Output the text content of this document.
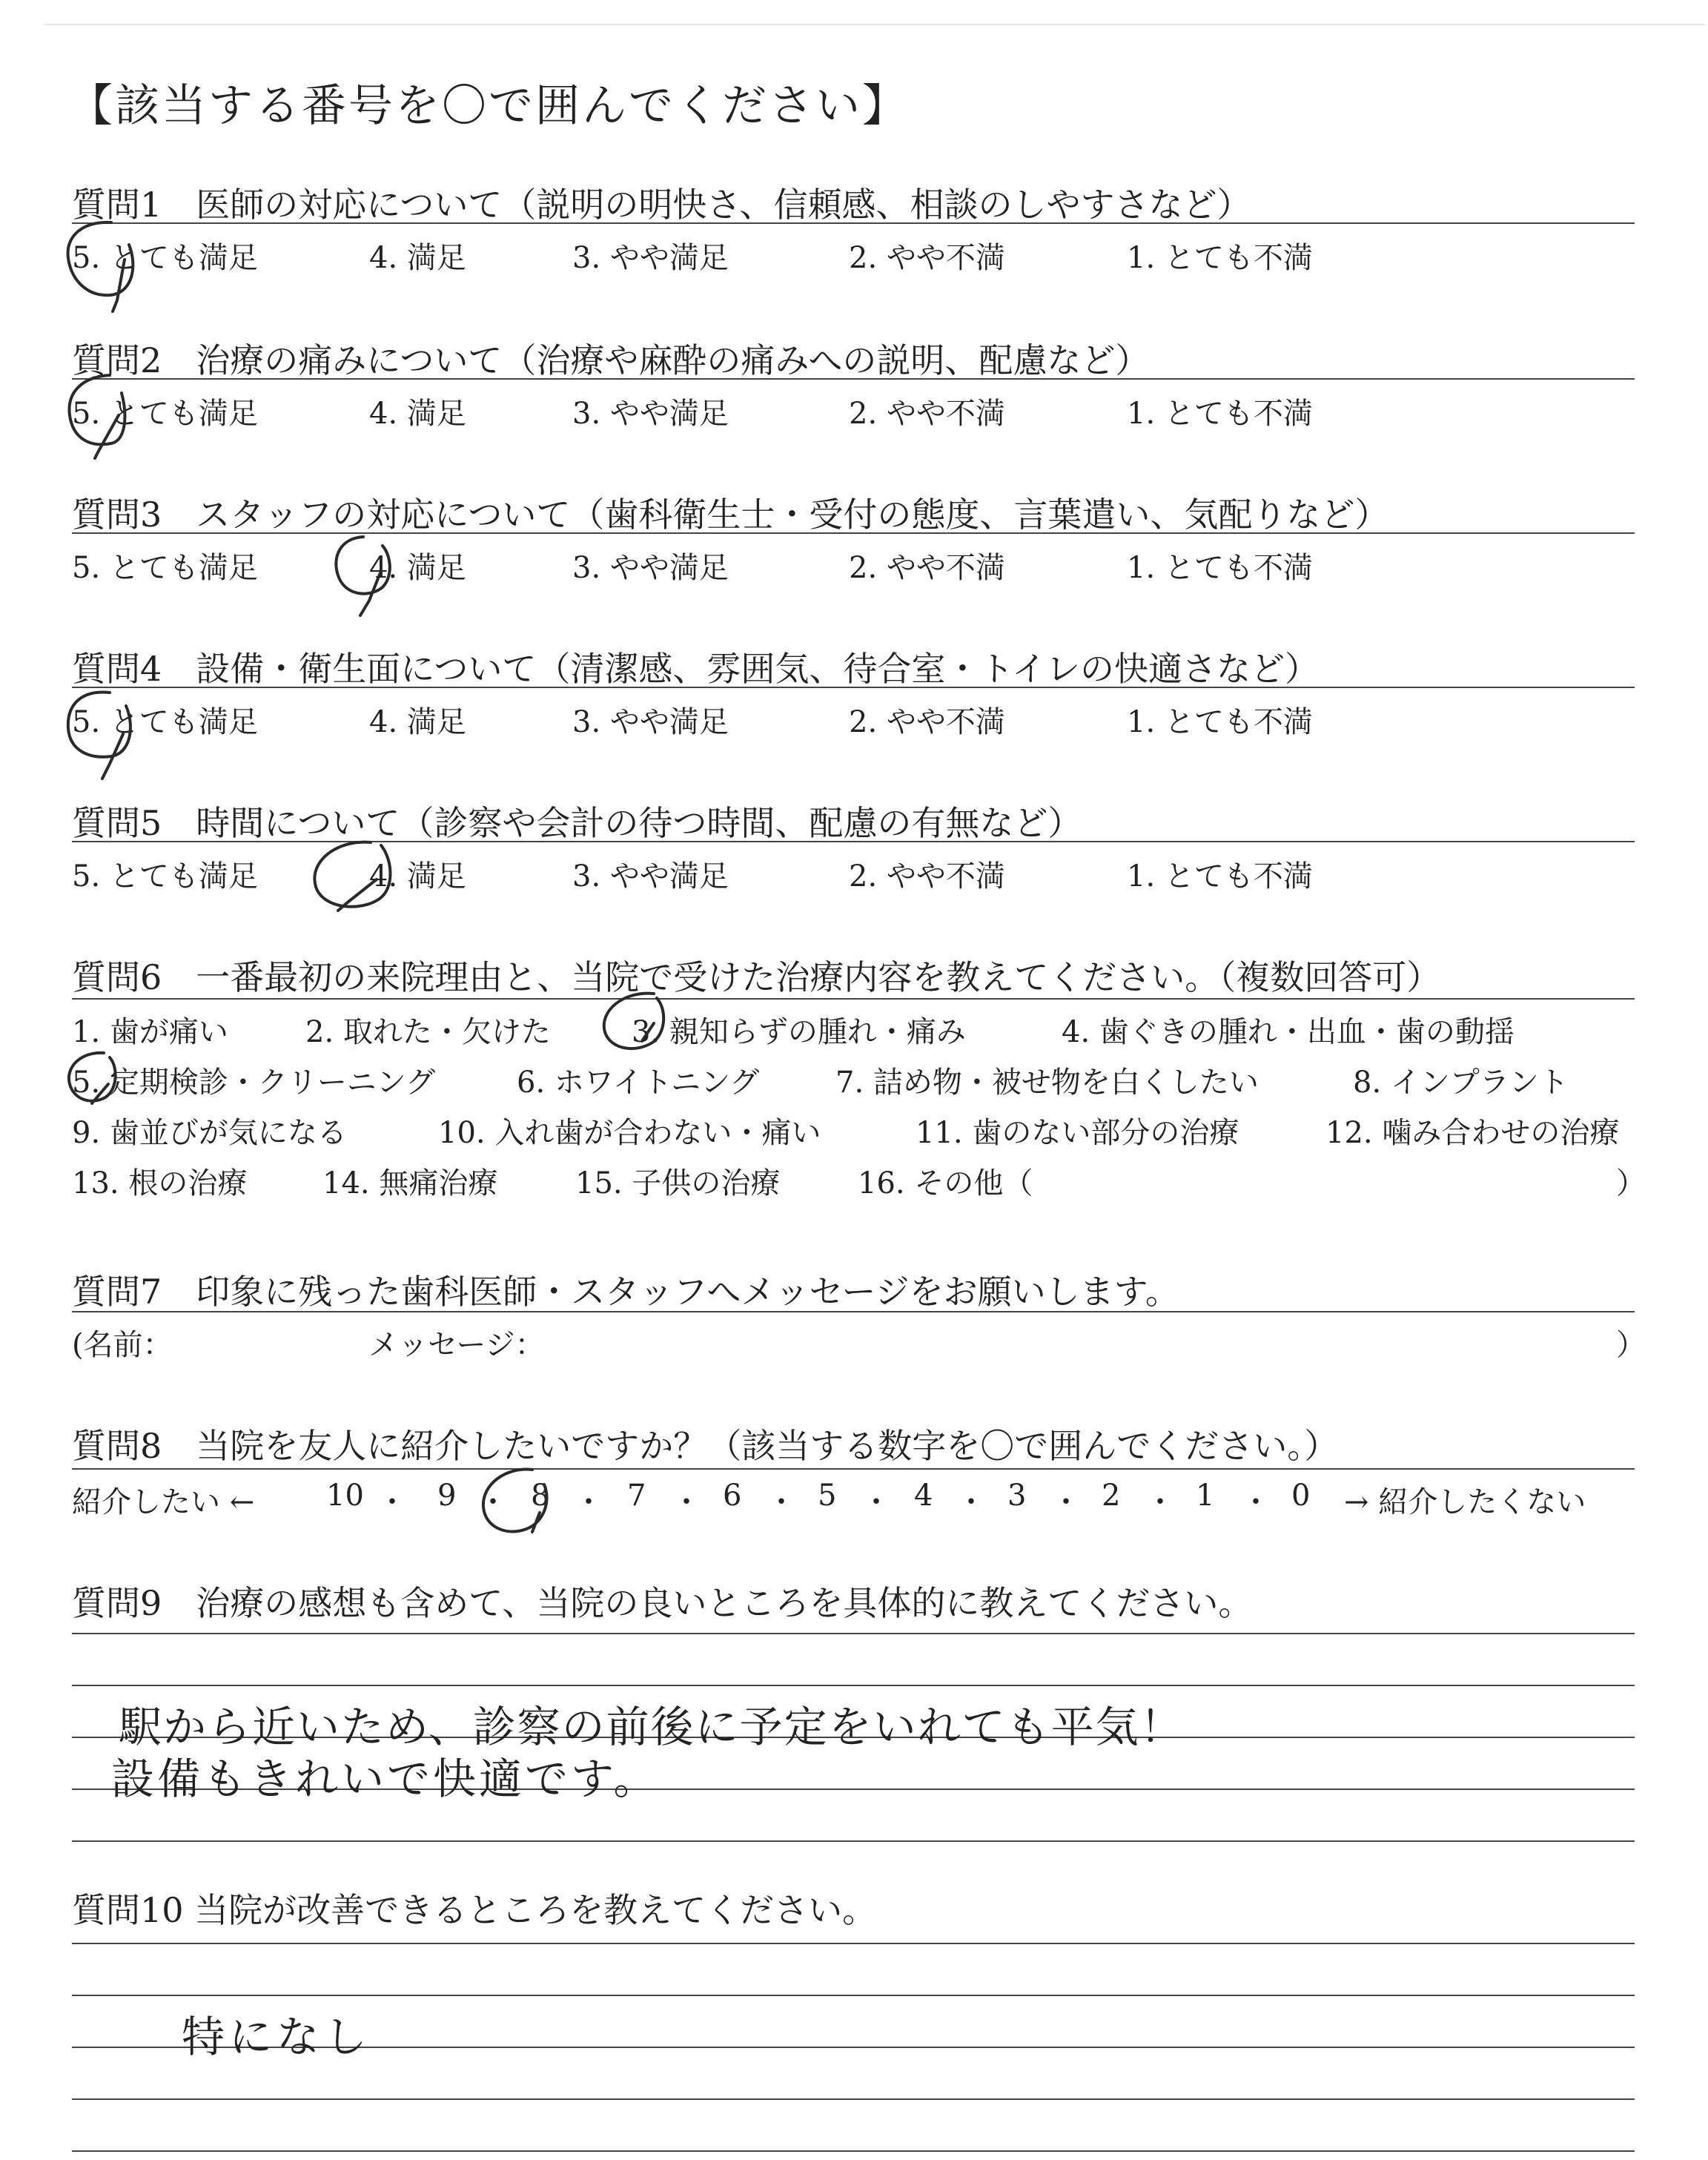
【該当する番号を〇で囲んでください】
質問1　医師の対応について（説明の明快さ、信頼感、相談のしやすさなど）
5. とても満足	4. 満足	3. やや満足	2. やや不満	1. とても不満
質問2　治療の痛みについて（治療や麻酔の痛みへの説明、配慮など）
5. とても満足	4. 満足	3. やや満足	2. やや不満	1. とても不満
質問3　スタッフの対応について（歯科衛生士・受付の態度、言葉遣い、気配りなど）
5. とても満足	4. 満足	3. やや満足	2. やや不満	1. とても不満
質問4　設備・衛生面について（清潔感、雰囲気、待合室・トイレの快適さなど）
5. とても満足	4. 満足	3. やや満足	2. やや不満	1. とても不満
質問5　時間について（診察や会計の待つ時間、配慮の有無など）
5. とても満足	4. 満足	3. やや満足	2. やや不満	1. とても不満
質問6　一番最初の来院理由と、当院で受けた治療内容を教えてください。（複数回答可）
1. 歯が痛い	2. 取れた・欠けた	3. 親知らずの腫れ・痛み	4. 歯ぐきの腫れ・出血・歯の動揺
5. 定期検診・クリーニング	6. ホワイトニング	7. 詰め物・被せ物を白くしたい	8. インプラント
9. 歯並びが気になる	10. 入れ歯が合わない・痛い	11. 歯のない部分の治療	12. 噛み合わせの治療
13. 根の治療	14. 無痛治療	15. 子供の治療	16. その他（	）
質問7　印象に残った歯科医師・スタッフへメッセージをお願いします。
(名前：	メッセージ：	）
質問8　当院を友人に紹介したいですか？（該当する数字を〇で囲んでください。）
紹介したい ← 10 ・ 9 ・ 8 ・ 7 ・ 6 ・ 5 ・ 4 ・ 3 ・ 2 ・ 1 ・ 0 → 紹介したくない
質問9　治療の感想も含めて、当院の良いところを具体的に教えてください。
駅から近いため、診察の前後に予定をいれても平気！
設備もきれいで快適です。
質問10 当院が改善できるところを教えてください。
特になし
